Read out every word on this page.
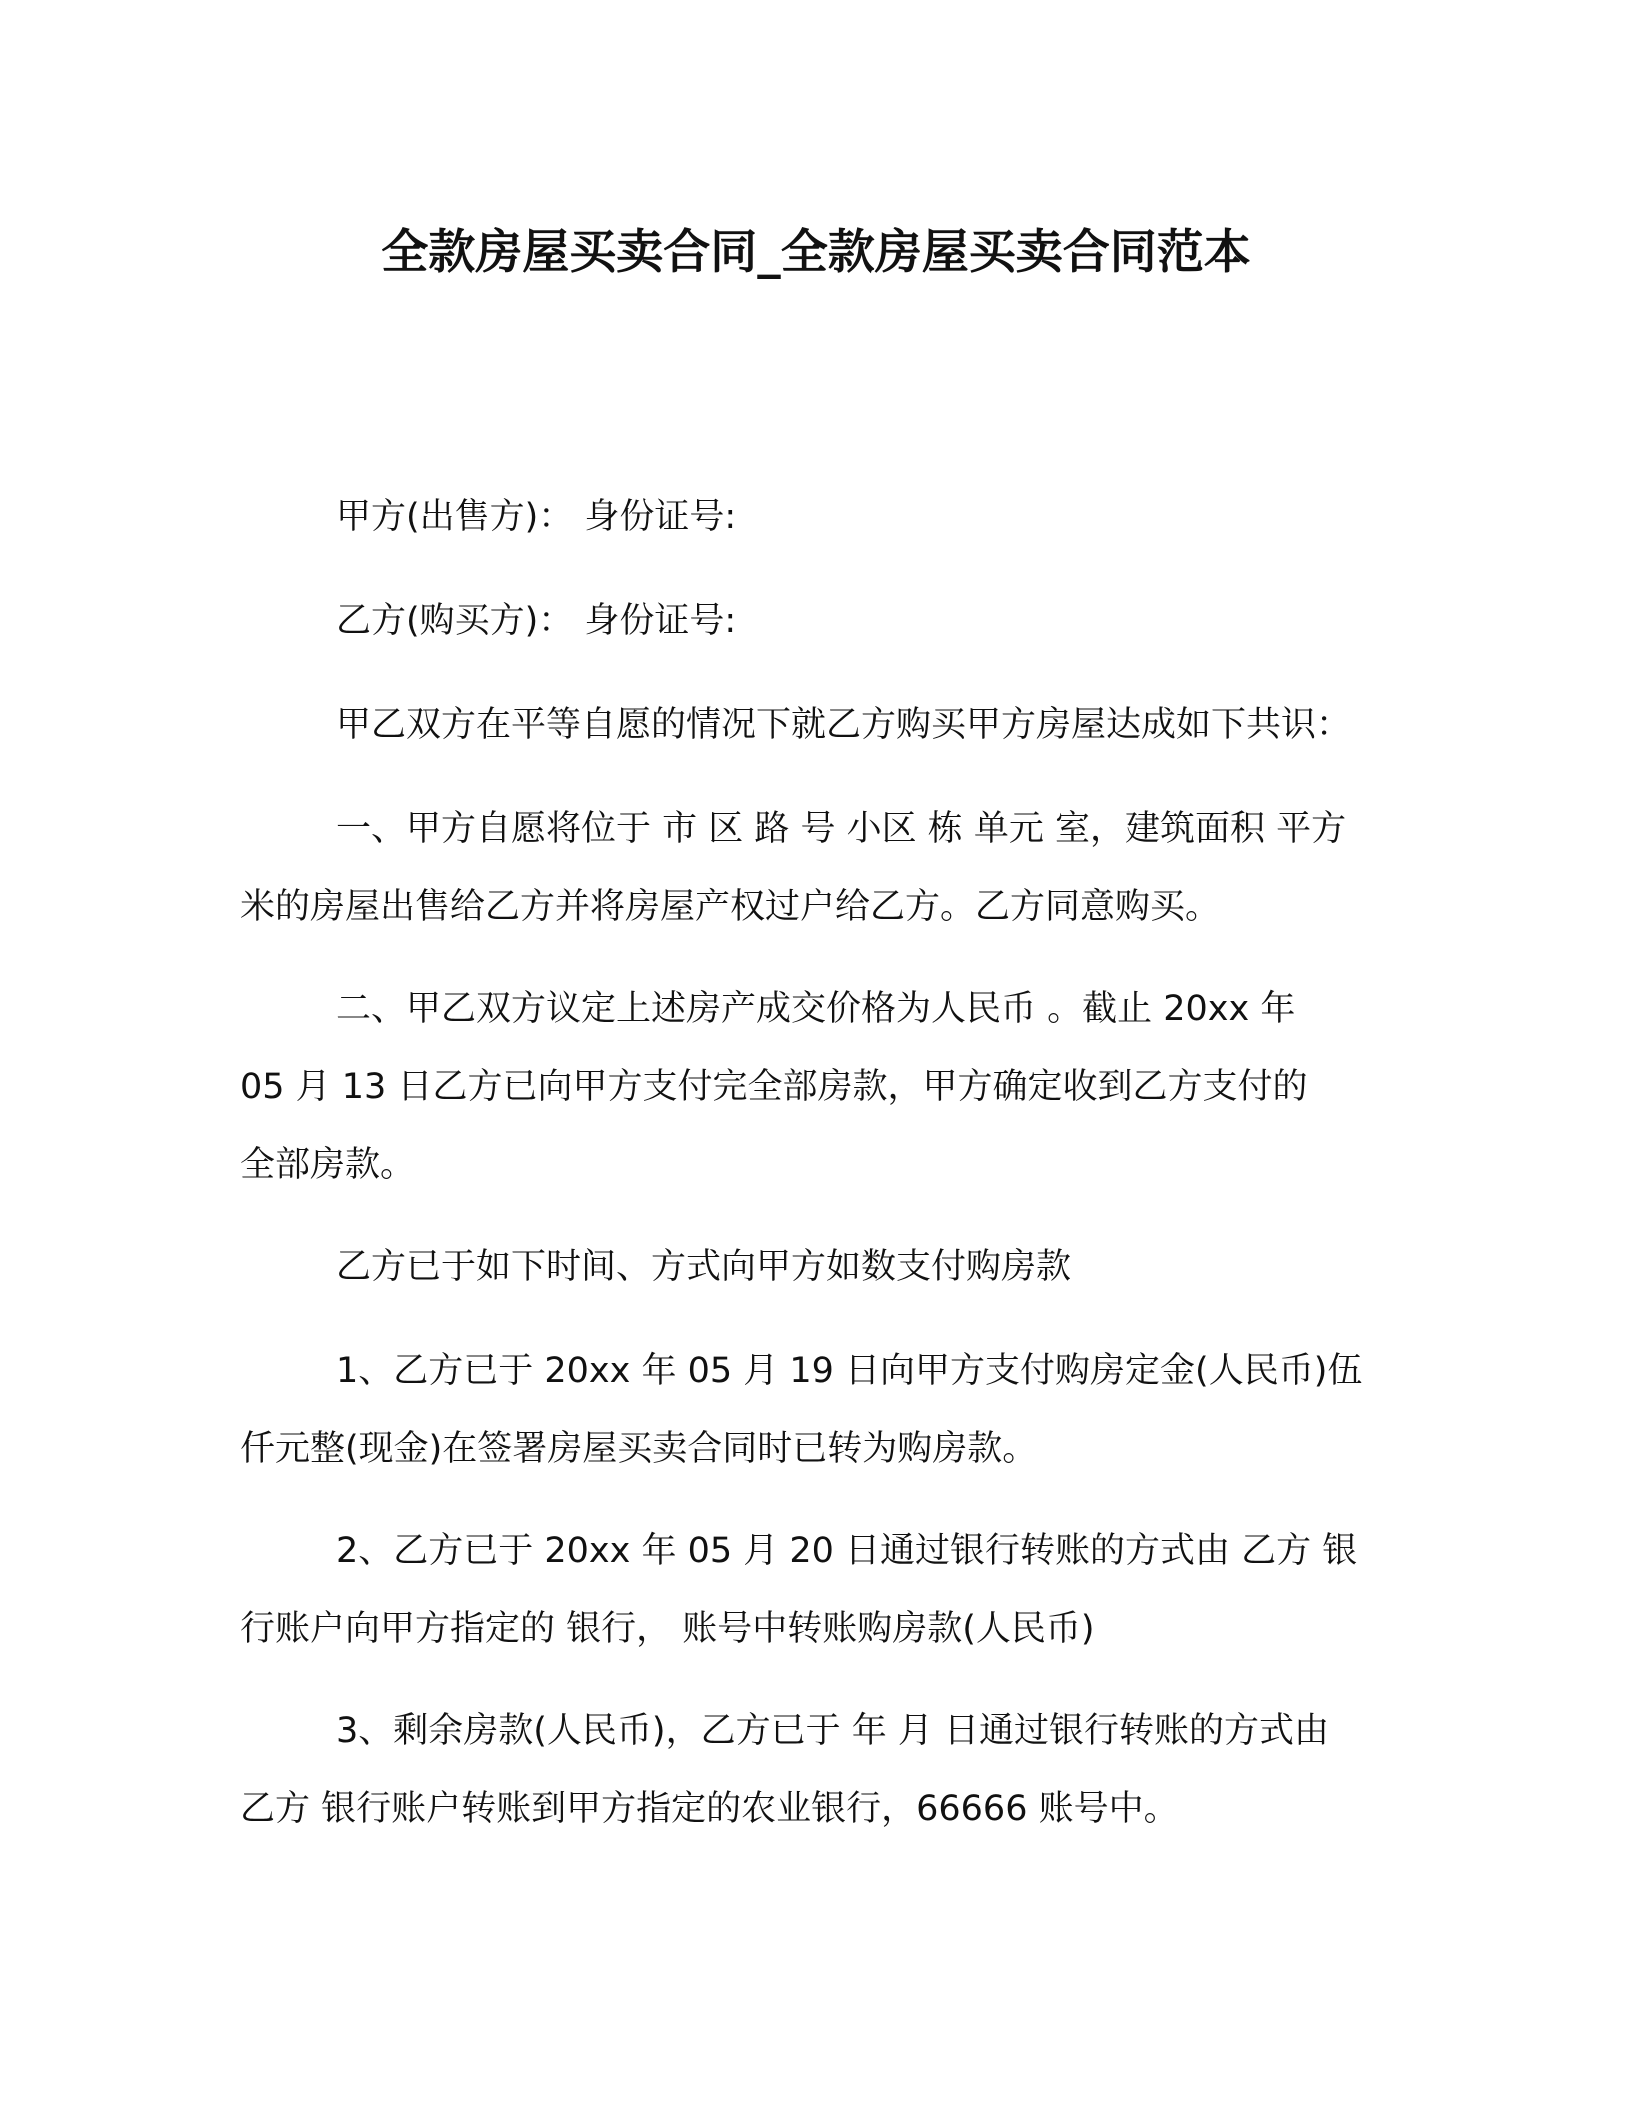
全款房屋买卖合同_全款房屋买卖合同范本

甲方(出售方)： 身份证号:

乙方(购买方)： 身份证号:

甲乙双方在平等自愿的情况下就乙方购买甲方房屋达成如下共识：

一、甲方自愿将位于 市 区 路 号 小区 栋 单元 室，建筑面积 平方
米的房屋出售给乙方并将房屋产权过户给乙方。乙方同意购买。

二、甲乙双方议定上述房产成交价格为人民币 。截止 20xx 年
05 月 13 日乙方已向甲方支付完全部房款，甲方确定收到乙方支付的
全部房款。

乙方已于如下时间、方式向甲方如数支付购房款

1、乙方已于 20xx 年 05 月 19 日向甲方支付购房定金(人民币)伍
仟元整(现金)在签署房屋买卖合同时已转为购房款。

2、乙方已于 20xx 年 05 月 20 日通过银行转账的方式由 乙方 银
行账户向甲方指定的 银行， 账号中转账购房款(人民币)

3、剩余房款(人民币)，乙方已于 年 月 日通过银行转账的方式由
乙方 银行账户转账到甲方指定的农业银行，66666 账号中。
